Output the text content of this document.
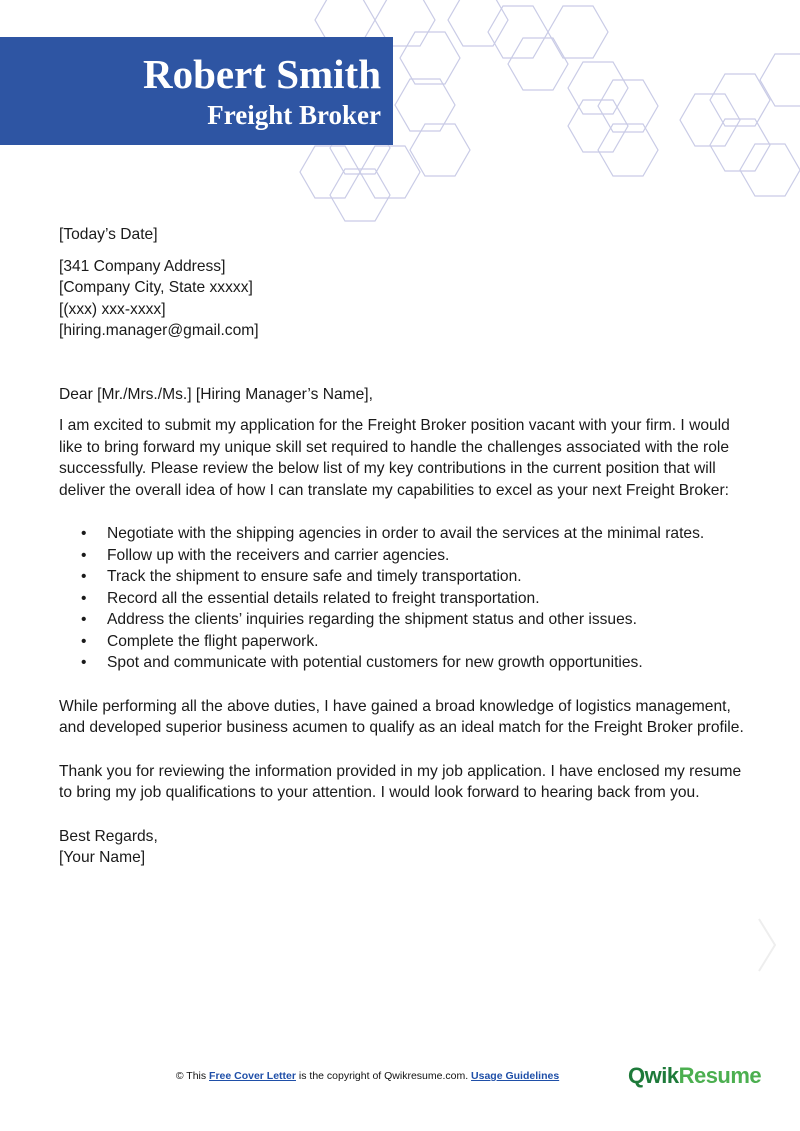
Robert Smith
Freight Broker

[Today’s Date]

[341 Company Address]

[Company City, State xxxxx]

[(xxx) xxx-xxxx]

[hiring.manager@gmail.com]

Dear [Mr./Mrs./Ms.] [Hiring Manager’s Name],

I am excited to submit my application for the Freight Broker position vacant with your firm. I would like to bring forward my unique skill set required to handle the challenges associated with the role successfully. Please review the below list of my key contributions in the current position that will deliver the overall idea of how I can translate my capabilities to excel as your next Freight Broker:

• Negotiate with the shipping agencies in order to avail the services at the minimal rates.
• Follow up with the receivers and carrier agencies.
• Track the shipment to ensure safe and timely transportation.
• Record all the essential details related to freight transportation.
• Address the clients’ inquiries regarding the shipment status and other issues.
• Complete the flight paperwork.
• Spot and communicate with potential customers for new growth opportunities.

While performing all the above duties, I have gained a broad knowledge of logistics management, and developed superior business acumen to qualify as an ideal match for the Freight Broker profile.

Thank you for reviewing the information provided in my job application. I have enclosed my resume to bring my job qualifications to your attention. I would look forward to hearing back from you.

Best Regards,

[Your Name]

© This Free Cover Letter is the copyright of Qwikresume.com. Usage Guidelines	QwikResume
